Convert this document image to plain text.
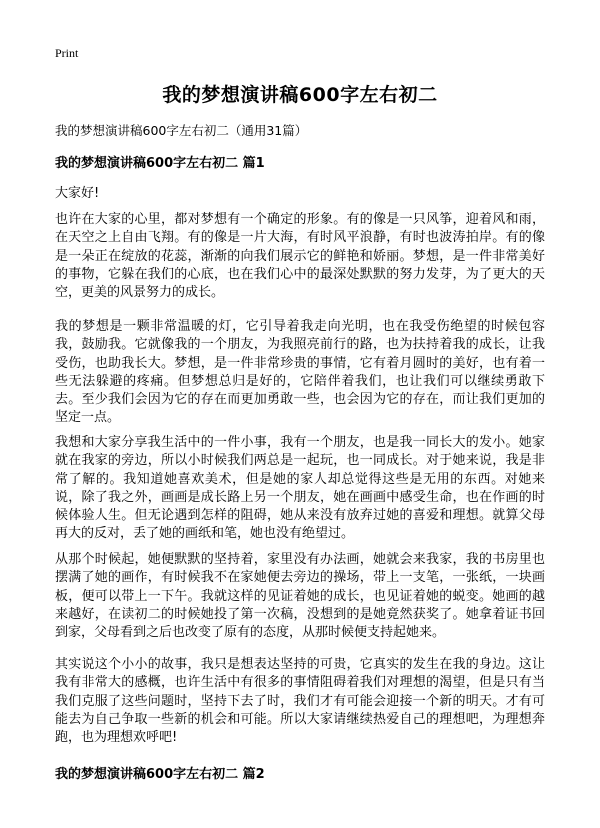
Print
我的梦想演讲稿600字左右初二
我的梦想演讲稿600字左右初二（通用31篇）
我的梦想演讲稿600字左右初二 篇1
大家好!

也许在大家的心里，都对梦想有一个确定的形象。有的像是一只风筝，迎着风和雨，在天空之上自由飞翔。有的像是一片大海，有时风平浪静，有时也波涛拍岸。有的像是一朵正在绽放的花蕊，渐渐的向我们展示它的鲜艳和娇丽。梦想，是一件非常美好的事物，它躲在我们的心底，也在我们心中的最深处默默的努力发芽，为了更大的天空，更美的风景努力的成长。

我的梦想是一颗非常温暖的灯，它引导着我走向光明，也在我受伤绝望的时候包容我，鼓励我。它就像我的一个朋友，为我照亮前行的路，也为扶持着我的成长，让我受伤，也助我长大。梦想，是一件非常珍贵的事情，它有着月圆时的美好，也有着一些无法躲避的疼痛。但梦想总归是好的，它陪伴着我们，也让我们可以继续勇敢下去。至少我们会因为它的存在而更加勇敢一些，也会因为它的存在，而让我们更加的坚定一点。

我想和大家分享我生活中的一件小事，我有一个朋友，也是我一同长大的发小。她家就在我家的旁边，所以小时候我们两总是一起玩，也一同成长。对于她来说，我是非常了解的。我知道她喜欢美术，但是她的家人却总觉得这些是无用的东西。对她来说，除了我之外，画画是成长路上另一个朋友，她在画画中感受生命，也在作画的时候体验人生。但无论遇到怎样的阻碍，她从来没有放弃过她的喜爱和理想。就算父母再大的反对，丢了她的画纸和笔，她也没有绝望过。

从那个时候起，她便默默的坚持着，家里没有办法画，她就会来我家，我的书房里也摆满了她的画作，有时候我不在家她便去旁边的操场，带上一支笔，一张纸，一块画板，便可以带上一下午。我就这样的见证着她的成长，也见证着她的蜕变。她画的越来越好，在读初二的时候她投了第一次稿，没想到的是她竟然获奖了。她拿着证书回到家，父母看到之后也改变了原有的态度，从那时候便支持起她来。

其实说这个小小的故事，我只是想表达坚持的可贵，它真实的发生在我的身边。这让我有非常大的感概，也许生活中有很多的事情阻碍着我们对理想的渴望，但是只有当我们克服了这些问题时，坚持下去了时，我们才有可能会迎接一个新的明天。才有可能去为自己争取一些新的机会和可能。所以大家请继续热爱自己的理想吧，为理想奔跑，也为理想欢呼吧!

我的梦想演讲稿600字左右初二 篇2
